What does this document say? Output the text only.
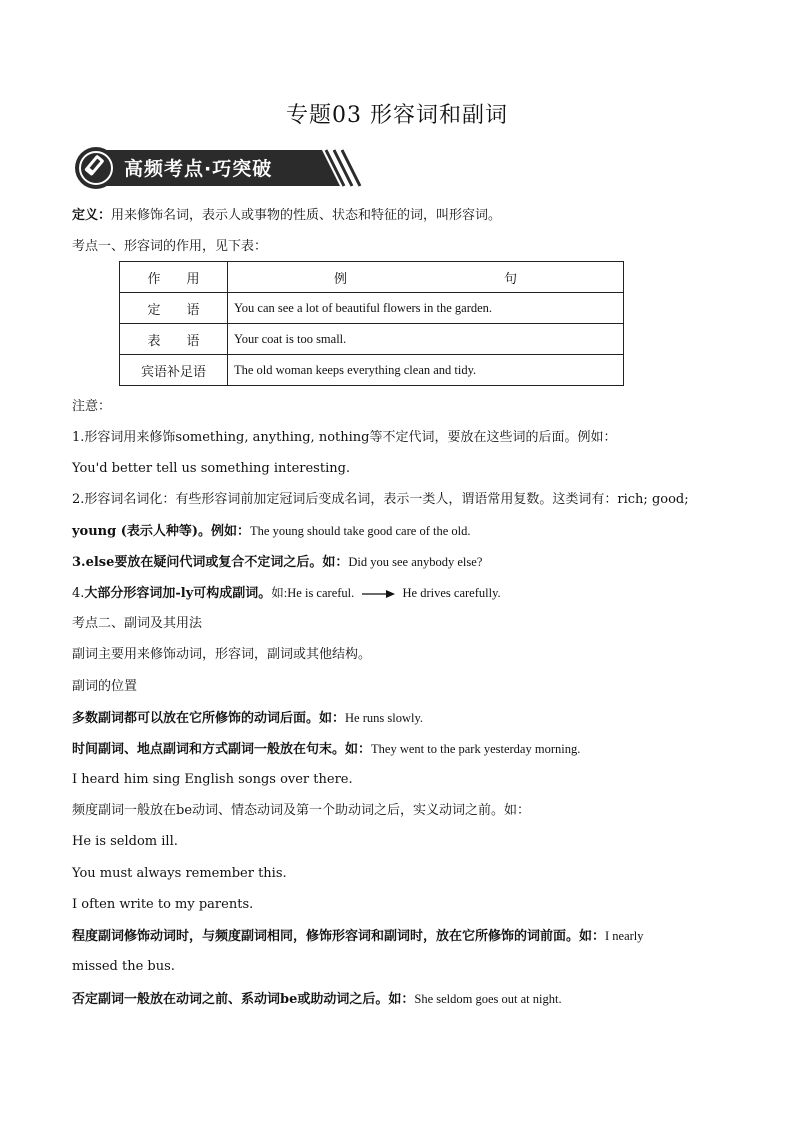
专题03 形容词和副词
高频考点·巧突破
定义：用来修饰名词，表示人或事物的性质、状态和特征的词，叫形容词。
考点一、形容词的作用，见下表：
作　　用	例 句

定　　语	You can see a lot of beautiful flowers in the garden.
表　　语	Your coat is too small.
宾语补足语	The old woman keeps everything clean and tidy.
注意：
1.形容词用来修饰something, anything, nothing等不定代词，要放在这些词的后面。例如：
You'd better tell us something interesting.
2.形容词名词化：有些形容词前加定冠词后变成名词，表示一类人，谓语常用复数。这类词有：rich; good;
young (表示人种等)。例如：The young should take good care of the old.
3.else要放在疑问代词或复合不定词之后。如：Did you see anybody else?
4.大部分形容词加-ly可构成副词。如:He is careful.	He drives carefully.
考点二、副词及其用法
副词主要用来修饰动词，形容词，副词或其他结构。
副词的位置
多数副词都可以放在它所修饰的动词后面。如：He runs slowly.
时间副词、地点副词和方式副词一般放在句末。如：They went to the park yesterday morning.
I heard him sing English songs over there.
频度副词一般放在be动词、情态动词及第一个助动词之后，实义动词之前。如：
He is seldom ill.
You must always remember this.
I often write to my parents.
程度副词修饰动词时，与频度副词相同，修饰形容词和副词时，放在它所修饰的词前面。如：I nearly
missed the bus.
否定副词一般放在动词之前、系动词be或助动词之后。如：She seldom goes out at night.
